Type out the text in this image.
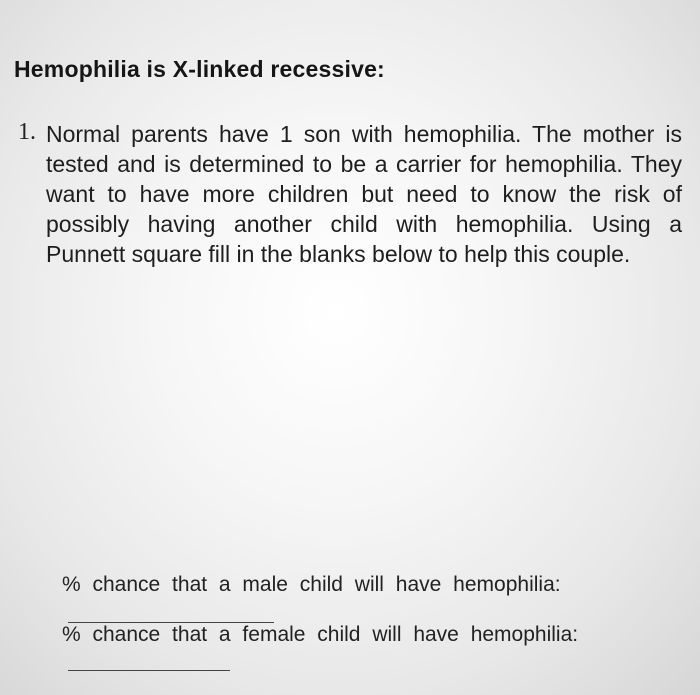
Hemophilia is X-linked recessive:
1. Normal parents have 1 son with hemophilia. The mother is tested and is determined to be a carrier for hemophilia. They want to have more children but need to know the risk of possibly having another child with hemophilia. Using a Punnett square fill in the blanks below to help this couple.
% chance that a male child will have hemophilia:
% chance that a female child will have hemophilia:
